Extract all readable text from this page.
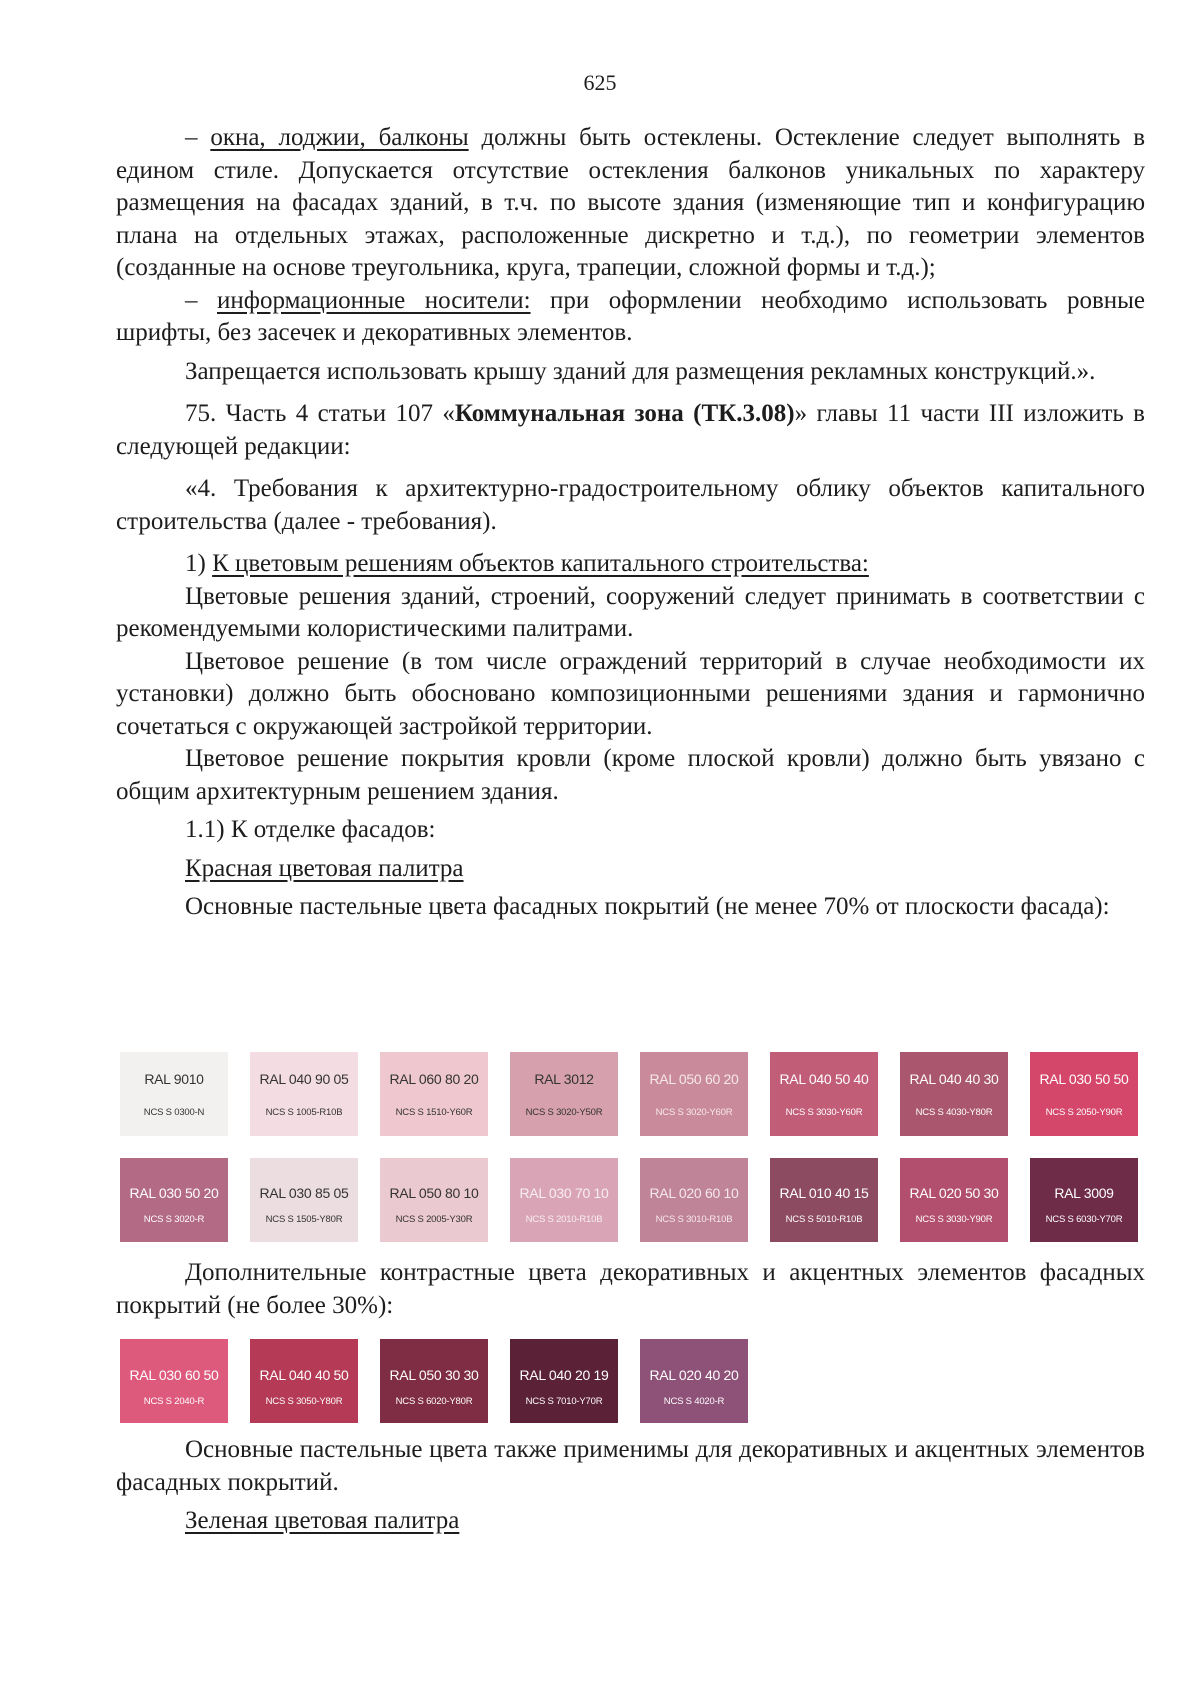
625

– окна, лоджии, балконы должны быть остеклены. Остекление следует выполнять в едином стиле. Допускается отсутствие остекления балконов уникальных по характеру размещения на фасадах зданий, в т.ч. по высоте здания (изменяющие тип и конфигурацию плана на отдельных этажах, расположенные дискретно и т.д.), по геометрии элементов (созданные на основе треугольника, круга, трапеции, сложной формы и т.д.);

– информационные носители: при оформлении необходимо использовать ровные шрифты, без засечек и декоративных элементов.

Запрещается использовать крышу зданий для размещения рекламных конструкций.».

75. Часть 4 статьи 107 «Коммунальная зона (ТК.3.08)» главы 11 части III изложить в следующей редакции:

«4. Требования к архитектурно-градостроительному облику объектов капитального строительства (далее - требования).

1) К цветовым решениям объектов капитального строительства:

Цветовые решения зданий, строений, сооружений следует принимать в соответствии с рекомендуемыми колористическими палитрами.

Цветовое решение (в том числе ограждений территорий в случае необходимости их установки) должно быть обосновано композиционными решениями здания и гармонично сочетаться с окружающей застройкой территории.

Цветовое решение покрытия кровли (кроме плоской кровли) должно быть увязано с общим архитектурным решением здания.

1.1) К отделке фасадов:

Красная цветовая палитра

Основные пастельные цвета фасадных покрытий (не менее 70% от плоскости фасада):

RAL 9010
NCS S 0300-N
RAL 040 90 05
NCS S 1005-R10B
RAL 060 80 20
NCS S 1510-Y60R
RAL 3012
NCS S 3020-Y50R
RAL 050 60 20
NCS S 3020-Y60R
RAL 040 50 40
NCS S 3030-Y60R
RAL 040 40 30
NCS S 4030-Y80R
RAL 030 50 50
NCS S 2050-Y90R
RAL 030 50 20
NCS S 3020-R
RAL 030 85 05
NCS S 1505-Y80R
RAL 050 80 10
NCS S 2005-Y30R
RAL 030 70 10
NCS S 2010-R10B
RAL 020 60 10
NCS S 3010-R10B
RAL 010 40 15
NCS S 5010-R10B
RAL 020 50 30
NCS S 3030-Y90R
RAL 3009
NCS S 6030-Y70R

Дополнительные контрастные цвета декоративных и акцентных элементов фасадных покрытий (не более 30%):

RAL 030 60 50
NCS S 2040-R
RAL 040 40 50
NCS S 3050-Y80R
RAL 050 30 30
NCS S 6020-Y80R
RAL 040 20 19
NCS S 7010-Y70R
RAL 020 40 20
NCS S 4020-R

Основные пастельные цвета также применимы для декоративных и акцентных элементов фасадных покрытий.

Зеленая цветовая палитра
